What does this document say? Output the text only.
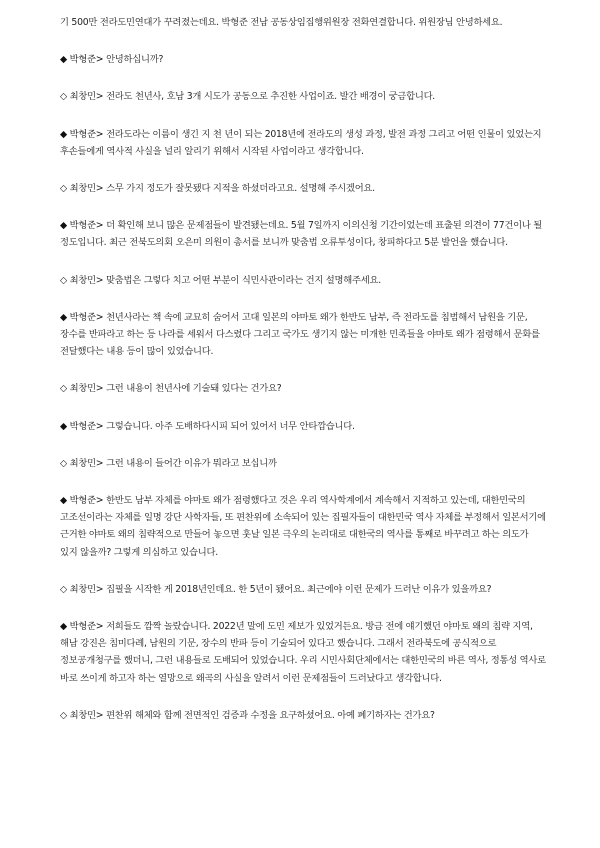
기 500만 전라도민연대가 꾸려졌는데요. 박형준 전남 공동상임집행위원장 전화연결합니다. 위원장님 안녕하세요.

◆ 박형준> 안녕하십니까?

◇ 최창민> 전라도 천년사, 호남 3개 시도가 공동으로 추진한 사업이죠. 발간 배경이 궁금합니다.

◆ 박형준> 전라도라는 이름이 생긴 지 천 년이 되는 2018년에 전라도의 생성 과정, 발전 과정 그리고 어떤 인물이 있었는지 후손들에게 역사적 사실을 널리 알리기 위해서 시작된 사업이라고 생각합니다.

◇ 최창민> 스무 가지 정도가 잘못됐다 지적을 하셨더라고요. 설명해 주시겠어요.

◆ 박형준> 더 확인해 보니 많은 문제점들이 발견됐는데요. 5월 7일까지 이의신청 기간이었는데 표출된 의견이 77건이나 될 정도입니다. 최근 전북도의회 오은미 의원이 총서를 보니까 맞춤법 오류투성이다, 창피하다고 5분 발언을 했습니다.

◇ 최창민> 맞춤법은 그렇다 치고 어떤 부분이 식민사관이라는 건지 설명해주세요.

◆ 박형준> 천년사라는 책 속에 교묘히 숨어서 고대 일본의 야마토 왜가 한반도 남부, 즉 전라도를 침범해서 남원을 기문, 장수를 반파라고 하는 등 나라를 세워서 다스렸다 그리고 국가도 생기지 않는 미개한 민족들을 야마토 왜가 점령해서 문화를 전달했다는 내용 등이 많이 있었습니다.

◇ 최창민> 그런 내용이 천년사에 기술돼 있다는 건가요?

◆ 박형준> 그렇습니다. 아주 도배하다시피 되어 있어서 너무 안타깝습니다.

◇ 최창민> 그런 내용이 들어간 이유가 뭐라고 보십니까

◆ 박형준> 한반도 남부 자체를 야마토 왜가 점령했다고 것은 우리 역사학계에서 계속해서 지적하고 있는데, 대한민국의 고조선이라는 자체를 일명 강단 사학자들, 또 편찬위에 소속되어 있는 집필자들이 대한민국 역사 자체를 부정해서 일본서기에 근거한 야마토 왜의 침략적으로 만들어 놓으면 훗날 일본 극우의 논리대로 대한국의 역사를 통째로 바꾸려고 하는 의도가 있지 않을까? 그렇게 의심하고 있습니다.

◇ 최창민> 집필을 시작한 게 2018년인데요. 한 5년이 됐어요. 최근에야 이런 문제가 드러난 이유가 있을까요?

◆ 박형준> 저희들도 깜짝 놀랐습니다. 2022년 말에 도민 제보가 있었거든요. 방금 전에 얘기했던 야마토 왜의 침략 지역, 해남 강진은 침미다례, 남원의 기문, 장수의 반파 등이 기술되어 있다고 했습니다. 그래서 전라북도에 공식적으로 정보공개청구를 했더니, 그런 내용들로 도배되어 있었습니다. 우리 시민사회단체에서는 대한민국의 바른 역사, 정통성 역사로 바로 쓰이게 하고자 하는 열망으로 왜곡의 사실을 알려서 이런 문제점들이 드러났다고 생각합니다.

◇ 최창민> 편찬위 해체와 함께 전면적인 검증과 수정을 요구하셨어요. 아예 폐기하자는 건가요?
